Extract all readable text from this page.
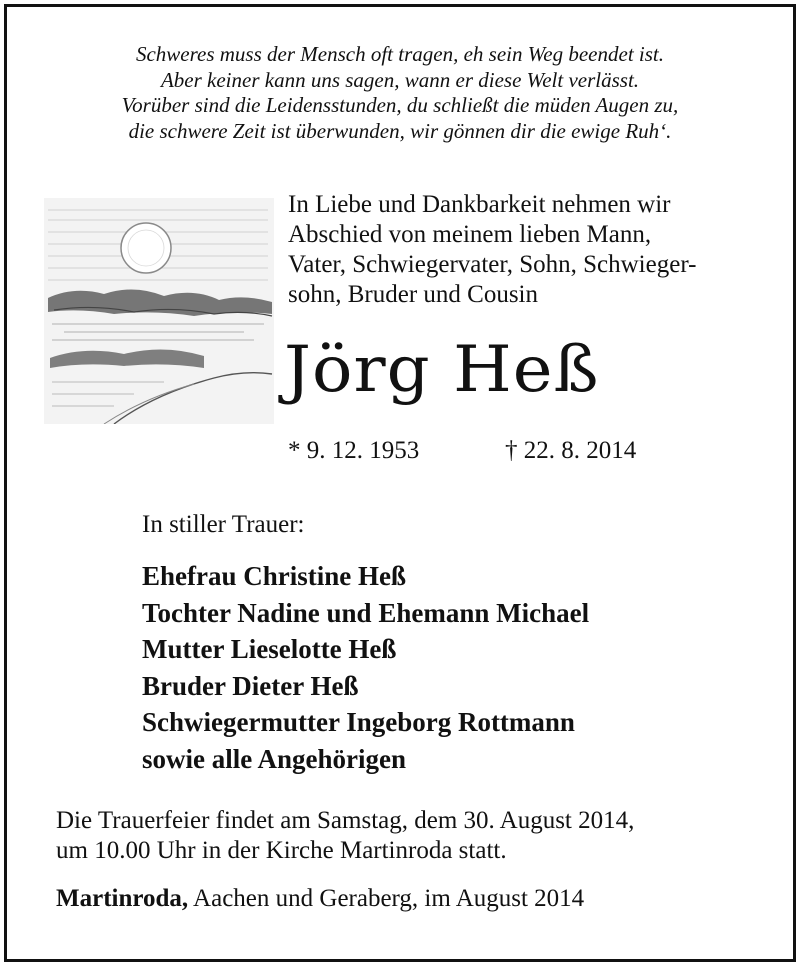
Schweres muss der Mensch oft tragen, eh sein Weg beendet ist.
Aber keiner kann uns sagen, wann er diese Welt verlässt.
Vorüber sind die Leidensstunden, du schließt die müden Augen zu,
die schwere Zeit ist überwunden, wir gönnen dir die ewige Ruh‘.
In Liebe und Dankbarkeit nehmen wir
Abschied von meinem lieben Mann,
Vater, Schwiegervater, Sohn, Schwieger-
sohn, Bruder und Cousin
Jörg Heß
* 9. 12. 1953	† 22. 8. 2014
In stiller Trauer:
Ehefrau Christine Heß
Tochter Nadine und Ehemann Michael
Mutter Lieselotte Heß
Bruder Dieter Heß
Schwiegermutter Ingeborg Rottmann
sowie alle Angehörigen
Die Trauerfeier findet am Samstag, dem 30. August 2014,
um 10.00 Uhr in der Kirche Martinroda statt.
Martinroda, Aachen und Geraberg, im August 2014
